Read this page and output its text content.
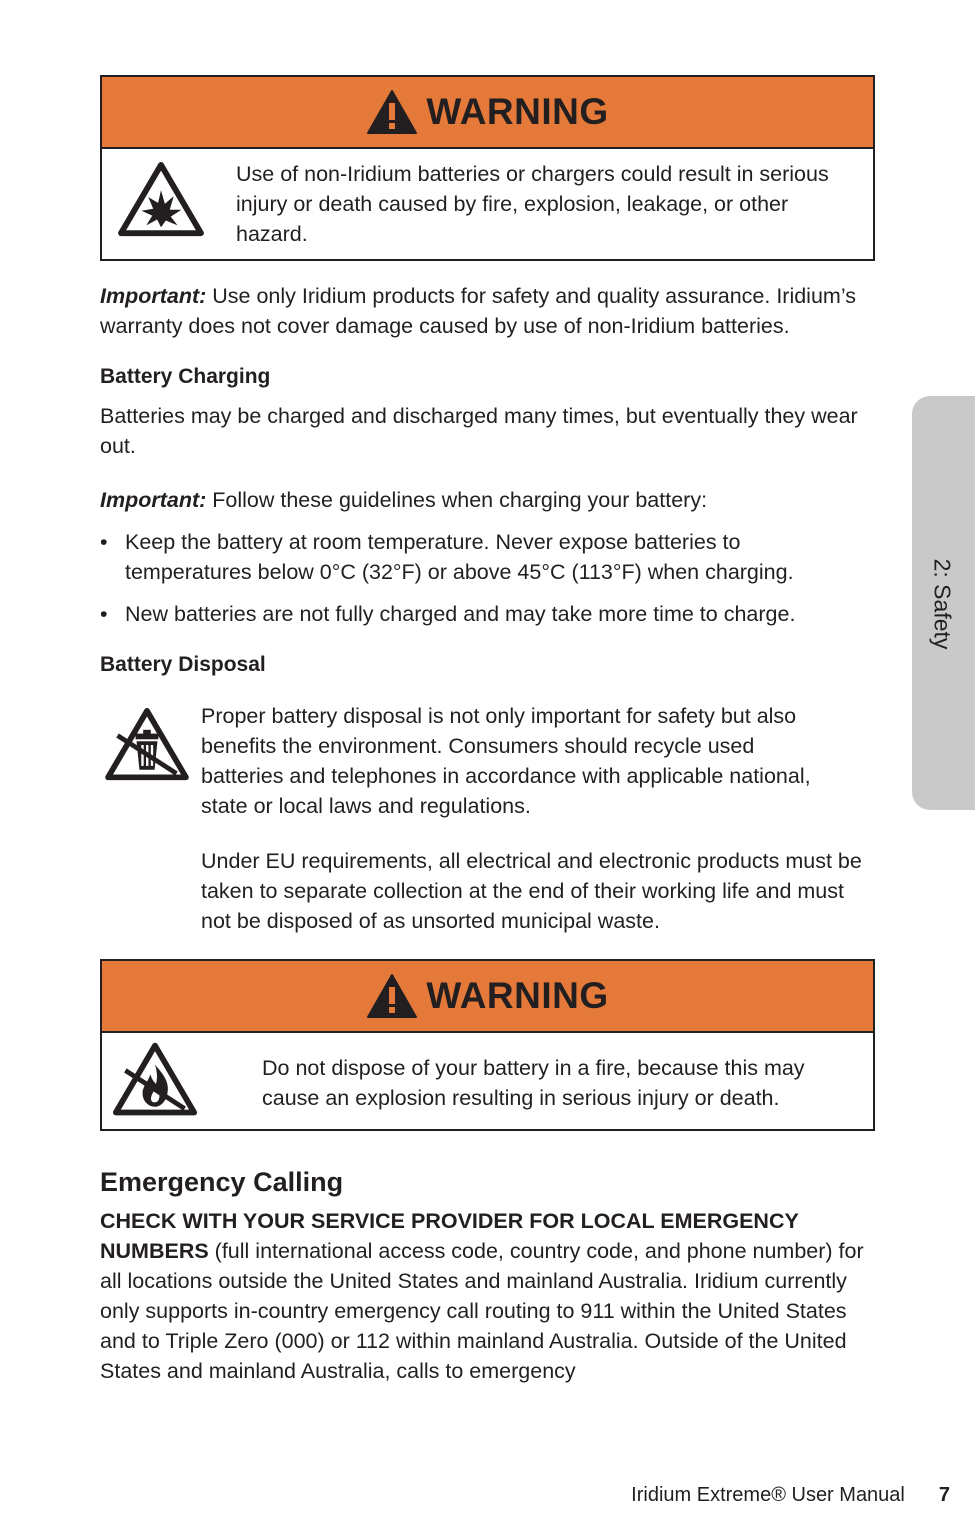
2: Safety
WARNING

Use of non-Iridium batteries or chargers could result in serious injury or death caused by fire, explosion, leakage, or other hazard.

Important: Use only Iridium products for safety and quality assurance. Iridium’s warranty does not cover damage caused by use of non-Iridium batteries.

Battery Charging

Batteries may be charged and discharged many times, but eventually they wear out.

Important: Follow these guidelines when charging your battery:

• Keep the battery at room temperature. Never expose batteries to temperatures below 0°C (32°F) or above 45°C (113°F) when charging.
• New batteries are not fully charged and may take more time to charge.
Battery Disposal

Proper battery disposal is not only important for safety but also benefits the environment. Consumers should recycle used batteries and telephones in accordance with applicable national, state or local laws and regulations.

Under EU requirements, all electrical and electronic products must be taken to separate collection at the end of their working life and must not be disposed of as unsorted municipal waste.

WARNING

Do not dispose of your battery in a fire, because this may cause an explosion resulting in serious injury or death.

Emergency Calling

CHECK WITH YOUR SERVICE PROVIDER FOR LOCAL EMERGENCY NUMBERS (full international access code, country code, and phone number) for all locations outside the United States and mainland Australia. Iridium currently only supports in-country emergency call routing to 911 within the United States and to Triple Zero (000) or 112 within mainland Australia. Outside of the United States and mainland Australia, calls to emergency

Iridium Extreme® User Manual 7
